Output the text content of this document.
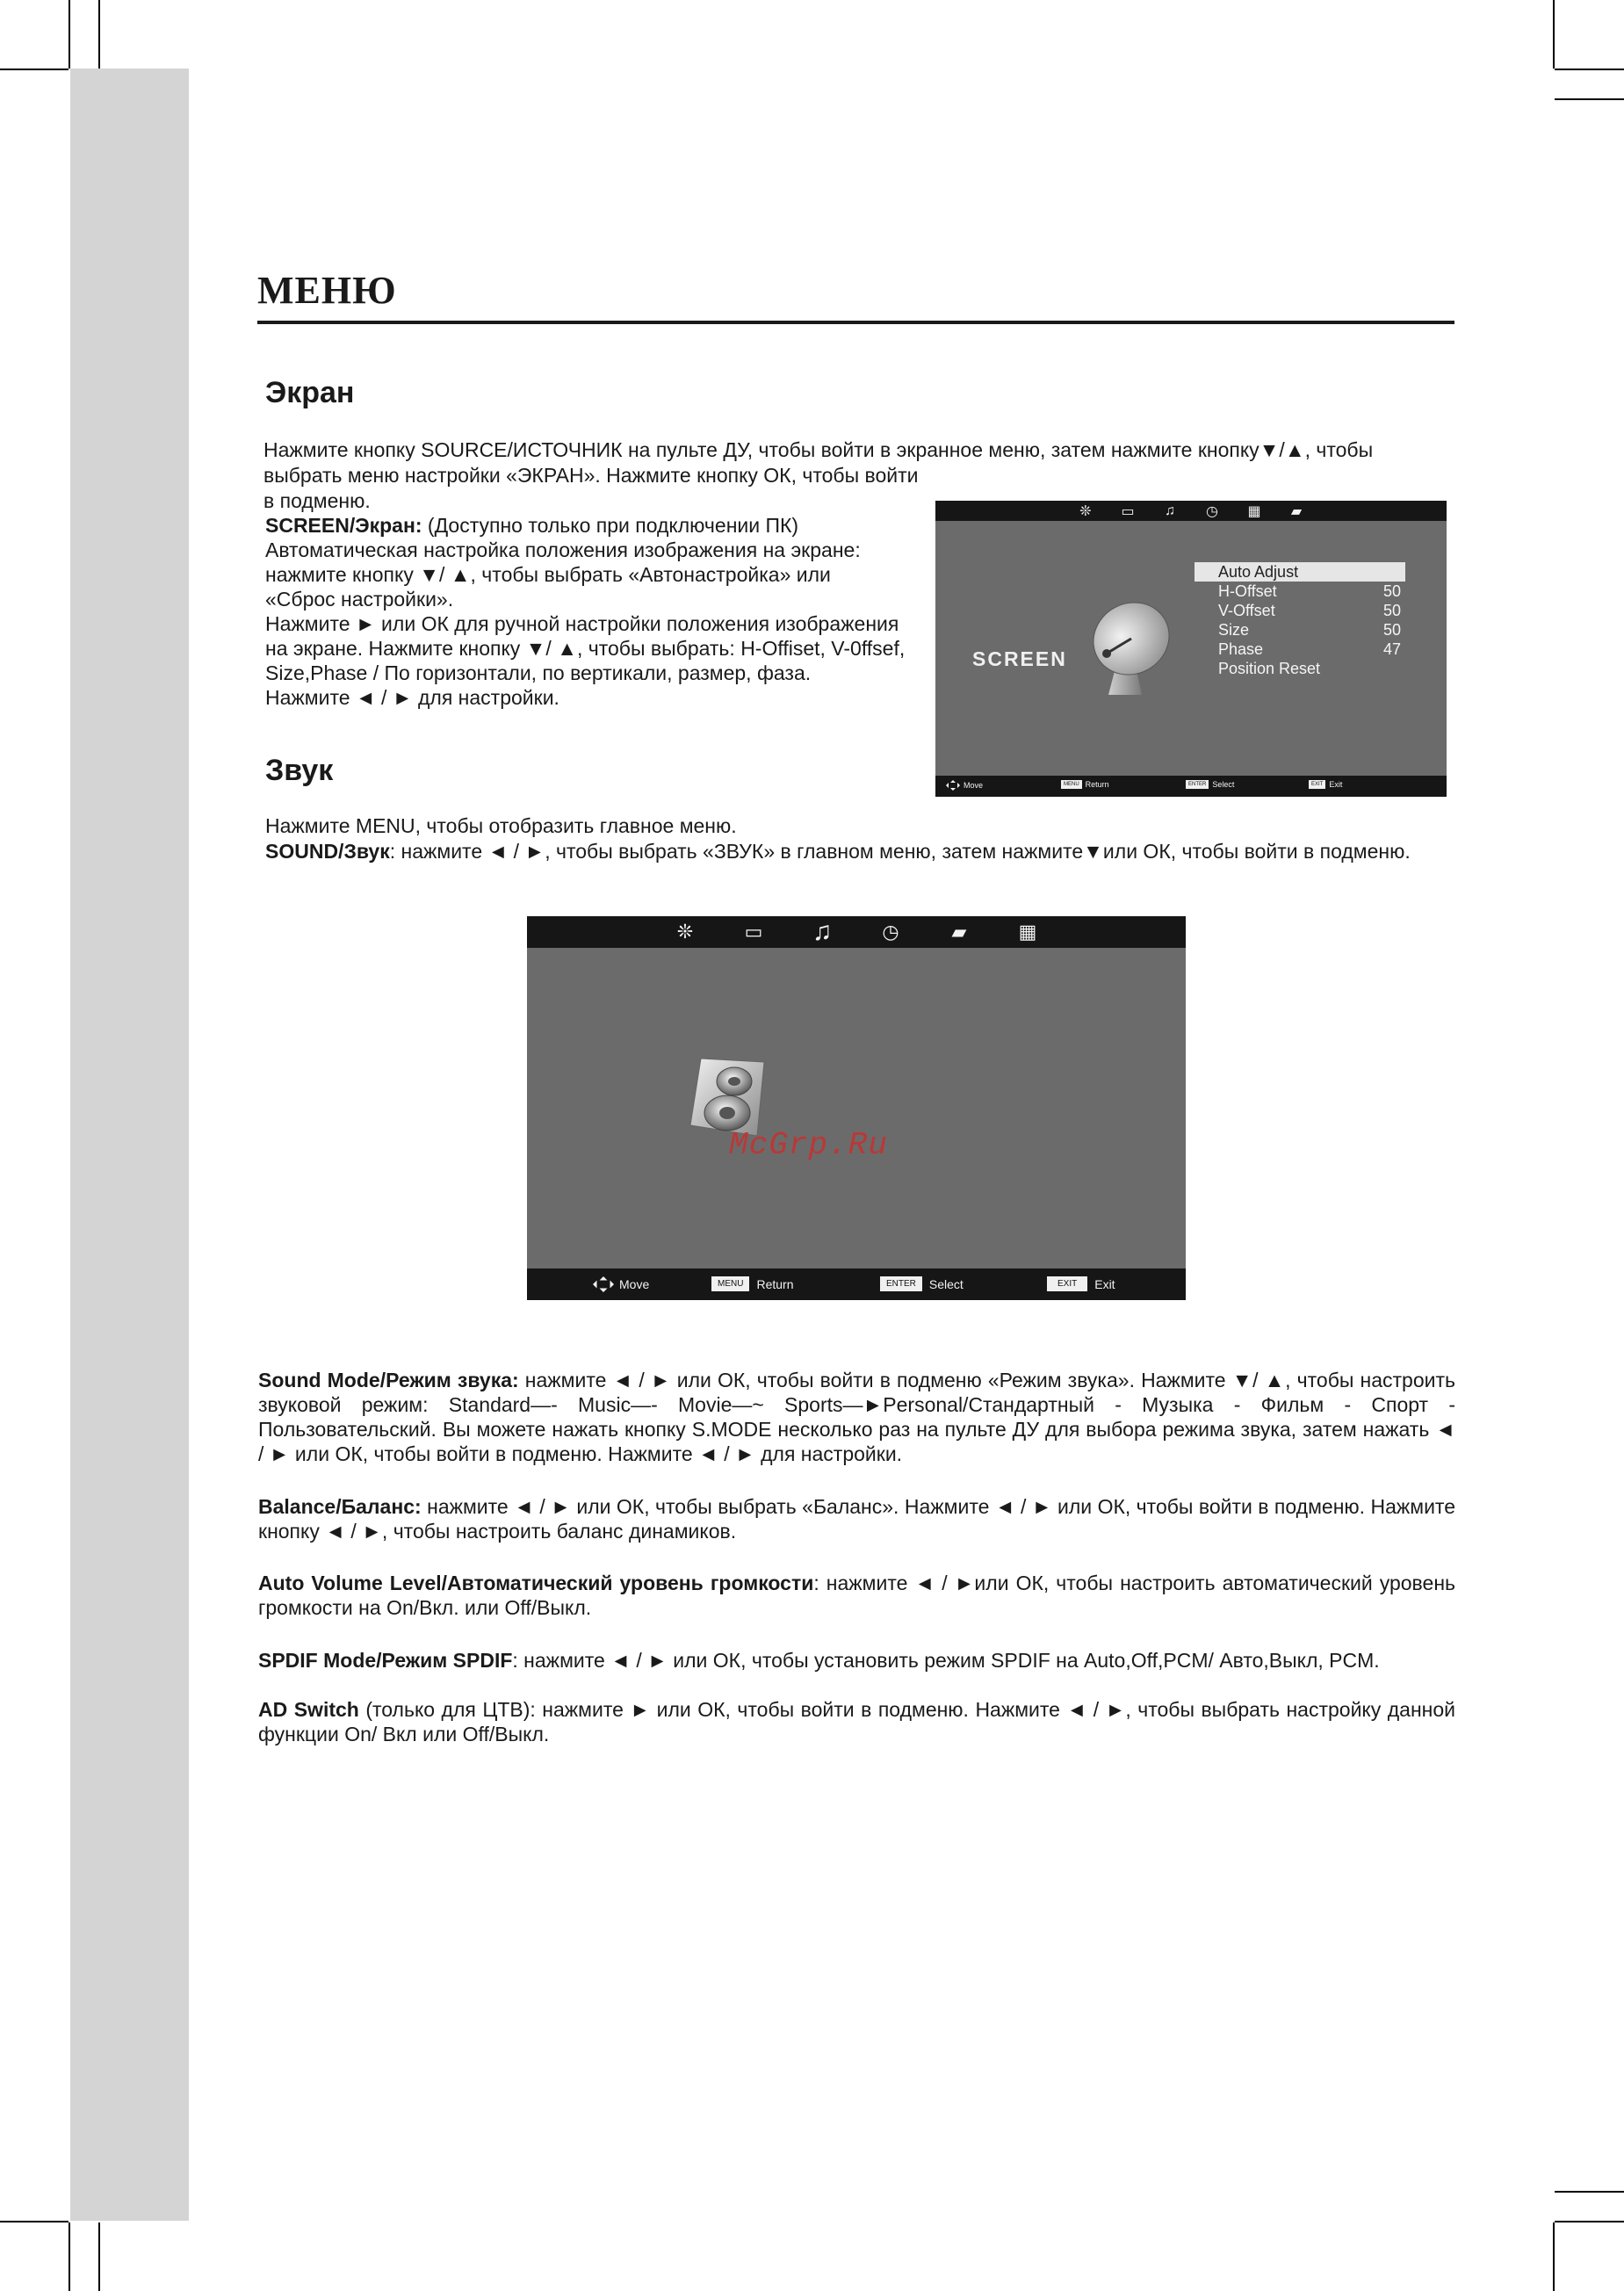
МЕНЮ
Экран
Нажмите кнопку SOURCE/ИСТОЧНИК на пульте ДУ, чтобы войти в экранное меню, затем нажмите кнопку▼/▲, чтобы
выбрать меню настройки «ЭКРАН». Нажмите кнопку ОК, чтобы войти
в подменю.
SCREEN/Экран: (Доступно только при подключении ПК)

Автоматическая настройка положения изображения на экране:

нажмите кнопку ▼/ ▲, чтобы выбрать «Автонастройка» или

«Сброс настройки».

Нажмите ► или ОК для ручной настройки положения изображения

на экране. Нажмите кнопку ▼/ ▲, чтобы выбрать: H-Offiset, V-0ffsef,

Size,Phase / По горизонтали, по вертикали, размер, фаза.

Нажмите ◄ / ► для настройки.

❊	▭	♫	◷	▦	▰
SCREEN
Auto Adjust
H-Offset	50
V-Offset	50
Size	50
Phase	47
Position Reset
Move	MENU Return	ENTER Select	EXIT Exit
Звук
Нажмите MENU, чтобы отобразить главное меню.
SOUND/Звук: нажмите ◄ / ►, чтобы выбрать «ЗВУК» в главном меню, затем нажмите▼или ОК, чтобы войти в подменю.
❊	▭	♫	◷	▰	▦
Move	MENU	Return	ENTER	Select	EXIT	Exit
McGrp.Ru
Sound Mode/Режим звука: нажмите ◄ / ► или ОК, чтобы войти в подменю «Режим звука». Нажмите ▼/ ▲, чтобы настроить звуковой режим: Standard—- Music—- Movie—~ Sports—►Personal/Стандартный - Музыка - Фильм - Спорт - Пользовательский. Вы можете нажать кнопку S.MODE несколько раз на пульте ДУ для выбора режима звука, затем нажать ◄ / ► или ОК, чтобы войти в подменю. Нажмите ◄ / ► для настройки.
Balance/Баланс: нажмите ◄ / ► или ОК, чтобы выбрать «Баланс». Нажмите ◄ / ► или ОК, чтобы войти в подменю. Нажмите кнопку ◄ / ►, чтобы настроить баланс динамиков.
Auto Volume Level/Автоматический уровень громкости: нажмите ◄ / ►или ОК, чтобы настроить автоматический уровень громкости на On/Вкл. или Off/Выкл.
SPDIF Mode/Режим SPDIF: нажмите ◄ / ► или ОК, чтобы установить режим SPDIF на Auto,Off,PCM/ Авто,Выкл, PCM.
AD Switch (только для ЦТВ): нажмите ► или ОК, чтобы войти в подменю. Нажмите ◄ / ►, чтобы выбрать настройку данной функции On/ Вкл или Off/Выкл.
